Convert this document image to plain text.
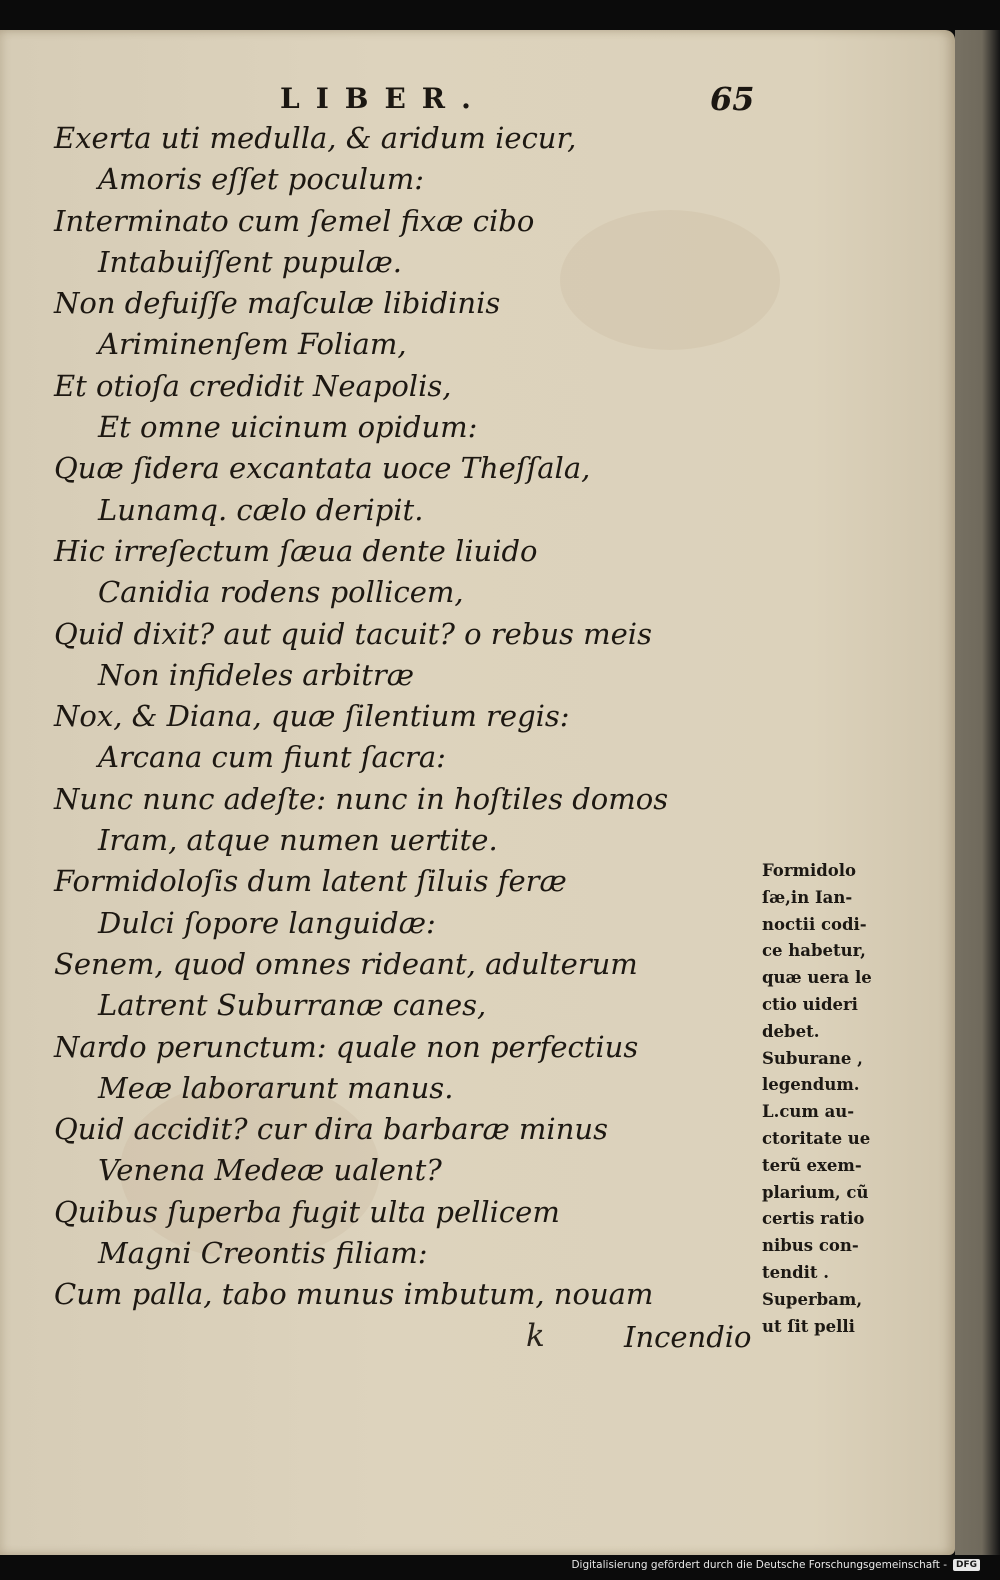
LIBER.	65
Exerta uti medulla, & aridum iecur,
Amoris eſſet poculum:
Interminato cum ſemel fixæ cibo
Intabuiſſent pupulæ.
Non defuiſſe maſculæ libidinis
Ariminenſem Foliam,
Et otioſa credidit Neapolis,
Et omne uicinum opidum:
Quæ ſidera excantata uoce Theſſala,
Lunamq. cælo deripit.
Hic irreſectum ſæua dente liuido
Canidia rodens pollicem,
Quid dixit? aut quid tacuit? o rebus meis
Non infideles arbitræ
Nox, & Diana, quæ ſilentium regis:
Arcana cum fiunt ſacra:
Nunc nunc adeſte: nunc in hoſtiles domos
Iram, atque numen uertite.
Formidoloſis dum latent ſiluis feræ
Dulci ſopore languidæ:
Senem, quod omnes rideant, adulterum
Latrent Suburranæ canes,
Nardo perunctum: quale non perfectius
Meæ laborarunt manus.
Quid accidit? cur dira barbaræ minus
Venena Medeæ ualent?
Quibus ſuperba fugit ulta pellicem
Magni Creontis filiam:
Cum palla, tabo munus imbutum, nouam
k	Incendio
Formidolo
ſæ,in Ian-
noctii codi-
ce habetur,
quæ uera le
ctio uideri
debet.
Suburane ,
legendum.
L.cum au-
ctoritate ue
terũ exem-
plarium, cũ
certis ratio
nibus con-
tendit .
Superbam,
ut ſit pelli
Digitalisierung gefördert durch die Deutsche Forschungsgemeinschaft -	DFG
